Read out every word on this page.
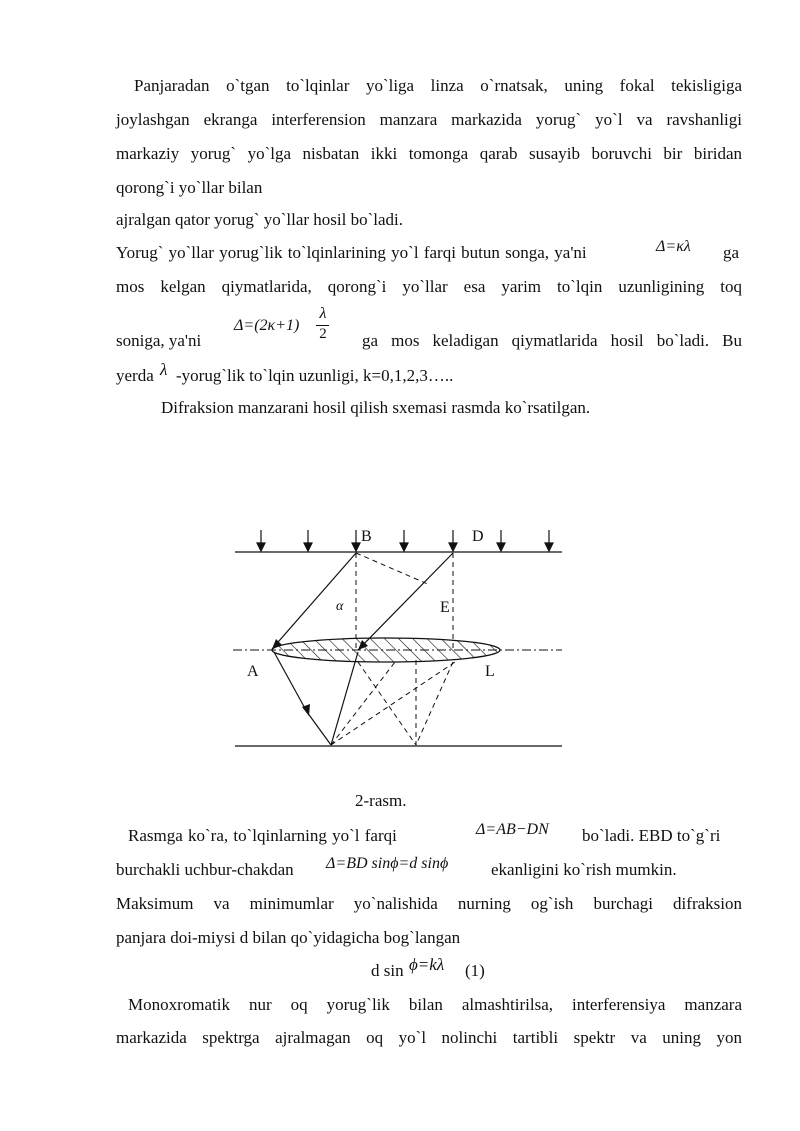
Panjaradan o`tgan to`lqinlar yo`liga linza o`rnatsak, uning fokal tekisligiga
joylashgan ekranga interferension manzara markazida yorug` yo`l va ravshanligi
markaziy yorug` yo`lga nisbatan ikki tomonga qarab susayib boruvchi bir biridan
qorong`i yo`llar bilan
ajralgan qator yorug` yo`llar hosil bo`ladi.
Yorug` yo`llar yorug`lik to`lqinlarining yo`l farqi butun songa, ya'ni	Δ=κλ ga
mos kelgan qiymatlarida, qorong`i yo`llar esa yarim to`lqin uzunligining toq
soniga, ya'ni
Δ=(2κ+1)
λ
2 ga mos keladigan qiymatlarida hosil bo`ladi. Bu
yerda λ -yorug`lik to`lqin uzunligi, k=0,1,2,3…..
Difraksion manzarani hosil qilish sxemasi rasmda ko`rsatilgan.
B	D
α	E
A	L
2-rasm.
Rasmga ko`ra, to`lqinlarning yo`l farqi	Δ=AB−DN bo`ladi. EBD to`g`ri
burchakli uchbur-chakdan Δ=BD sinϕ=d sinϕ	ekanligini ko`rish mumkin.
Maksimum va minimumlar yo`nalishida nurning og`ish burchagi difraksion
panjara doi-miysi d bilan qo`yidagicha bog`langan
d sin ϕ=kλ (1)
Monoxromatik nur oq yorug`lik bilan almashtirilsa, interferensiya manzara
markazida spektrga ajralmagan oq yo`l nolinchi tartibli spektr va uning yon
